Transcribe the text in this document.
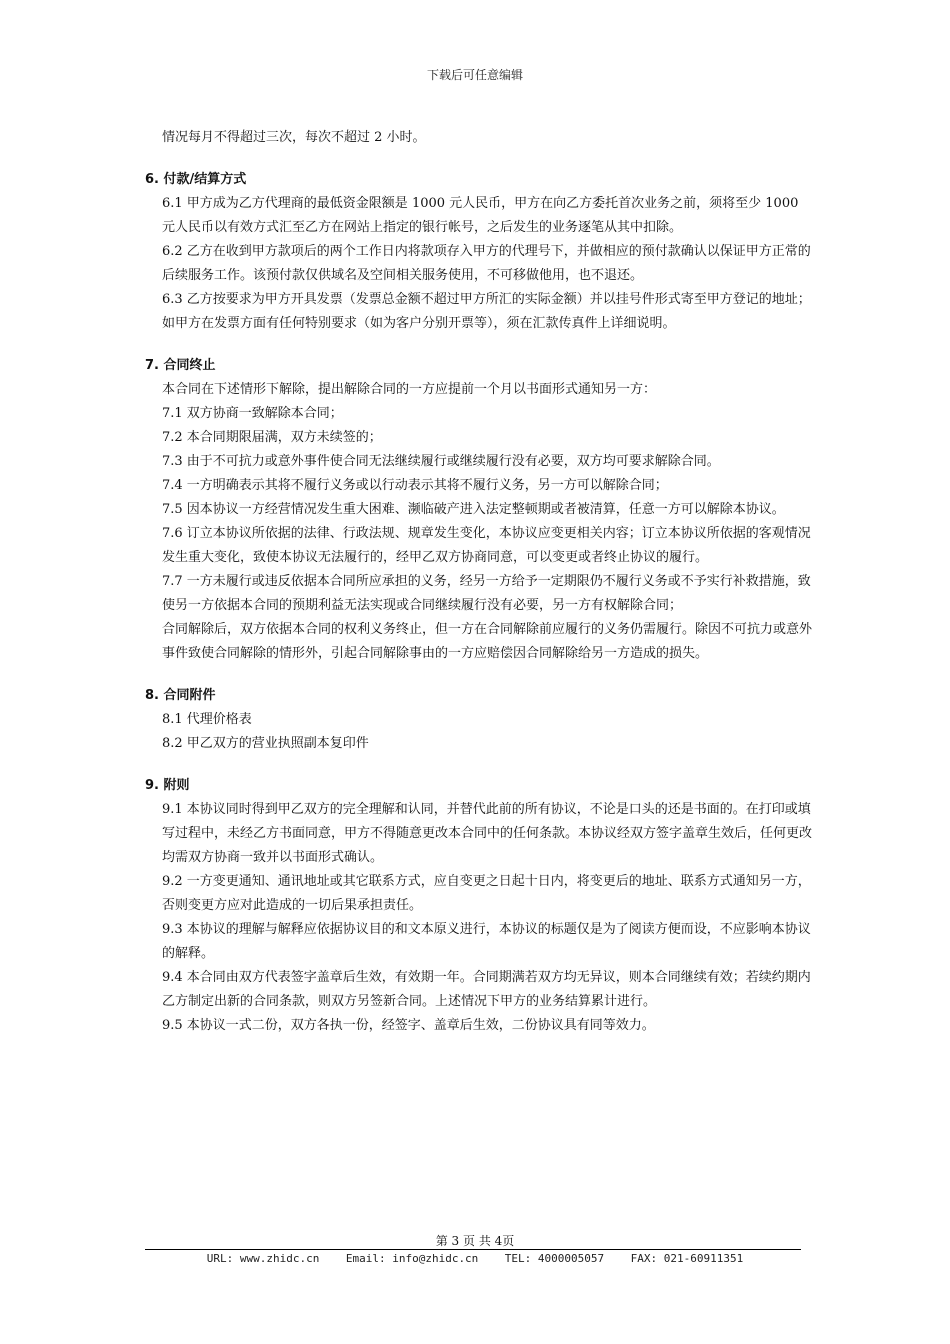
下载后可任意编辑

情况每月不得超过三次，每次不超过 2 小时。

6. 付款/结算方式

6.1 甲方成为乙方代理商的最低资金限额是 1000 元人民币，甲方在向乙方委托首次业务之前，须将至少 1000 元人民币以有效方式汇至乙方在网站上指定的银行帐号，之后发生的业务逐笔从其中扣除。

6.2 乙方在收到甲方款项后的两个工作日内将款项存入甲方的代理号下，并做相应的预付款确认以保证甲方正常的后续服务工作。该预付款仅供域名及空间相关服务使用，不可移做他用，也不退还。

6.3 乙方按要求为甲方开具发票（发票总金额不超过甲方所汇的实际金额）并以挂号件形式寄至甲方登记的地址；如甲方在发票方面有任何特别要求（如为客户分别开票等），须在汇款传真件上详细说明。

7. 合同终止

本合同在下述情形下解除，提出解除合同的一方应提前一个月以书面形式通知另一方：

7.1 双方协商一致解除本合同；

7.2 本合同期限届满，双方未续签的；

7.3 由于不可抗力或意外事件使合同无法继续履行或继续履行没有必要，双方均可要求解除合同。

7.4 一方明确表示其将不履行义务或以行动表示其将不履行义务，另一方可以解除合同；

7.5 因本协议一方经营情况发生重大困难、濒临破产进入法定整顿期或者被清算，任意一方可以解除本协议。

7.6 订立本协议所依据的法律、行政法规、规章发生变化，本协议应变更相关内容；订立本协议所依据的客观情况发生重大变化，致使本协议无法履行的，经甲乙双方协商同意，可以变更或者终止协议的履行。

7.7 一方未履行或违反依据本合同所应承担的义务，经另一方给予一定期限仍不履行义务或不予实行补救措施，致使另一方依据本合同的预期利益无法实现或合同继续履行没有必要，另一方有权解除合同；

合同解除后，双方依据本合同的权利义务终止，但一方在合同解除前应履行的义务仍需履行。除因不可抗力或意外事件致使合同解除的情形外，引起合同解除事由的一方应赔偿因合同解除给另一方造成的损失。

8. 合同附件

8.1 代理价格表

8.2 甲乙双方的营业执照副本复印件

9. 附则

9.1 本协议同时得到甲乙双方的完全理解和认同，并替代此前的所有协议，不论是口头的还是书面的。在打印或填写过程中，未经乙方书面同意，甲方不得随意更改本合同中的任何条款。本协议经双方签字盖章生效后，任何更改均需双方协商一致并以书面形式确认。

9.2 一方变更通知、通讯地址或其它联系方式，应自变更之日起十日内，将变更后的地址、联系方式通知另一方，否则变更方应对此造成的一切后果承担责任。

9.3 本协议的理解与解释应依据协议目的和文本原义进行，本协议的标题仅是为了阅读方便而设，不应影响本协议的解释。

9.4 本合同由双方代表签字盖章后生效，有效期一年。合同期满若双方均无异议，则本合同继续有效；若续约期内乙方制定出新的合同条款，则双方另签新合同。上述情况下甲方的业务结算累计进行。

9.5 本协议一式二份，双方各执一份，经签字、盖章后生效，二份协议具有同等效力。

第 3 页 共 4页
URL: www.zhidc.cn    Email: info@zhidc.cn    TEL: 4000005057    FAX: 021-60911351
